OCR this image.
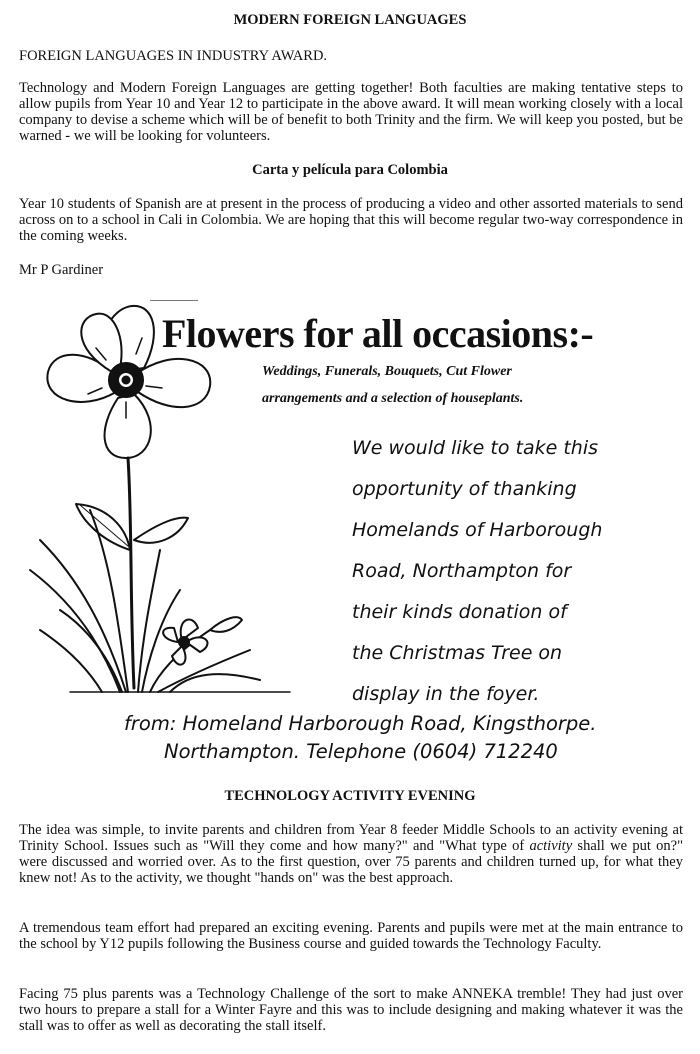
MODERN FOREIGN LANGUAGES
FOREIGN LANGUAGES IN INDUSTRY AWARD.
Technology and Modern Foreign Languages are getting together! Both faculties are making tentative steps to allow pupils from Year 10 and Year 12 to participate in the above award. It will mean working closely with a local company to devise a scheme which will be of benefit to both Trinity and the firm. We will keep you posted, but be warned - we will be looking for volunteers.
Carta y película para Colombia
Year 10 students of Spanish are at present in the process of producing a video and other assorted materials to send across on to a school in Cali in Colombia. We are hoping that this will become regular two-way correspondence in the coming weeks.
Mr P Gardiner
Flowers for all occasions:-
Weddings, Funerals, Bouquets, Cut Flower arrangements and a selection of houseplants.
We would like to take this
opportunity of thanking
Homelands of Harborough
Road, Northampton for
their kinds donation of
the Christmas Tree on
display in the foyer.
from: Homeland Harborough Road, Kingsthorpe.
Northampton. Telephone (0604) 712240
TECHNOLOGY ACTIVITY EVENING
The idea was simple, to invite parents and children from Year 8 feeder Middle Schools to an activity evening at Trinity School. Issues such as "Will they come and how many?" and "What type of activity shall we put on?" were discussed and worried over. As to the first question, over 75 parents and children turned up, for what they knew not! As to the activity, we thought "hands on" was the best approach.
A tremendous team effort had prepared an exciting evening. Parents and pupils were met at the main entrance to the school by Y12 pupils following the Business course and guided towards the Technology Faculty.
Facing 75 plus parents was a Technology Challenge of the sort to make ANNEKA tremble! They had just over two hours to prepare a stall for a Winter Fayre and this was to include designing and making whatever it was the stall was to offer as well as decorating the stall itself.
